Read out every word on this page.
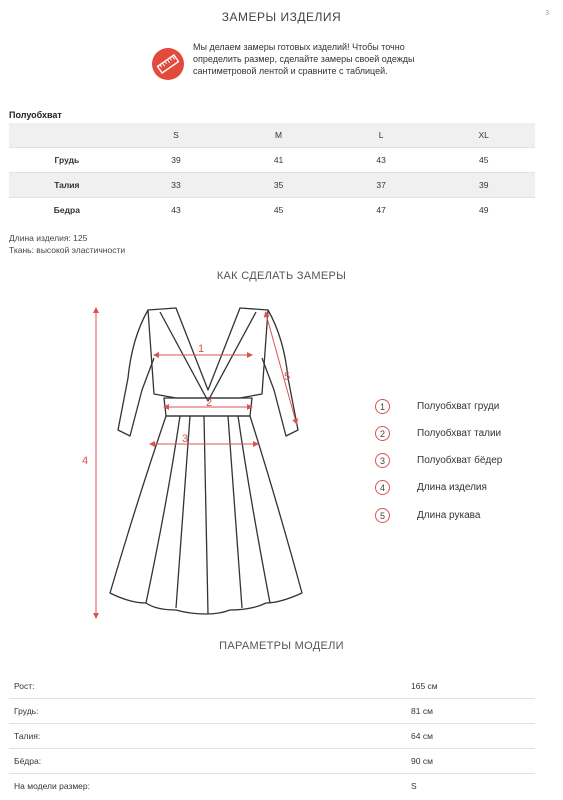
3
ЗАМЕРЫ ИЗДЕЛИЯ
Мы делаем замеры готовых изделий! Чтобы точно определить размер, сделайте замеры своей одежды сантиметровой лентой и сравните с таблицей.
Полуобхват
	S	M	L	XL
Грудь	39	41	43	45
Талия	33	35	37	39
Бедра	43	45	47	49
Длина изделия: 125
Ткань: высокой эластичности
КАК СДЕЛАТЬ ЗАМЕРЫ
1
2
3
4
5
1	Полуобхват груди
2	Полуобхват талии
3	Полуобхват бёдер
4	Длина изделия
5	Длина рукава
ПАРАМЕТРЫ МОДЕЛИ
Рост:	165 см
Грудь:	81 см
Талия:	64 см
Бёдра:	90 см
На модели размер:	S
